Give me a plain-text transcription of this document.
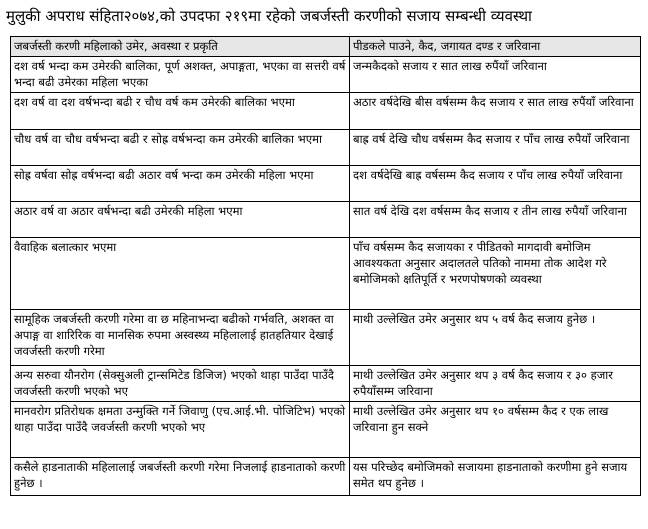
मुलुकी अपराध संहिता२०७४,को उपदफा २१९मा रहेको जबर्जस्ती करणीको सजाय सम्बन्धी व्यवस्था
जबर्जस्ती करणी महिलाको उमेर, अवस्था र प्रकृति	पीडकले पाउने, कैद, जगायत दण्ड र जरिवाना
दश वर्ष भन्दा कम उमेरकी बालिका, पूर्ण अशक्त, अपाङ्गता, भएका वा सत्तरी वर्ष भन्दा बढी उमेरका महिला भएका	जन्मकैदको सजाय र सात लाख रुपैंयाँ जरिवाना
दश वर्ष वा दश वर्षभन्दा बढी र चौध वर्ष कम उमेरकी बालिका भएमा	अठार वर्षदेखि बीस वर्षसम्म कैद सजाय र सात लाख रुपैंयाँ जरिवाना
चौध वर्ष वा चौध वर्षभन्दा बढी र सोह्र वर्षभन्दा कम उमेरकी बालिका भएमा	बाह्र वर्ष देखि चौध वर्षसम्म कैद सजाय र पाँच लाख रुपैयाँ जरिवाना
सोह्र वर्षवा सोह्र वर्षभन्दा बढी अठार वर्ष भन्दा कम उमेरकी महिला भएमा	दश वर्षदेखि बाह्र वर्षसम्म कैद सजाय र पाँच लाख रुपैयाँ जरिवाना
अठार वर्ष वा अठार वर्षभन्दा बढी उमेरकी महिला भएमा	सात वर्ष देखि दश वर्षसम्म कैद सजाय र तीन लाख रुपैयाँ जरिवाना
वैवाहिक बलात्कार भएमा	पाँच वर्षसम्म कैद सजायका र पीडितको मागदावी बमोजिम आवश्यकता अनुसार अदालतले पतिको नाममा तोक आदेश गरे बमोजिमको क्षतिपूर्ति र भरणपोषणको व्यवस्था
सामूहिक जबर्जस्ती करणी गरेमा वा छ महिनाभन्दा बढीको गर्भवति, अशक्त वा अपाङ्ग वा शारिरिक वा मानसिक रुपमा अस्वस्थ्य महिलालाई हातहतियार देखाई जवर्जस्ती करणी गरेमा	माथी उल्लेखित उमेर अनुसार थप ५ वर्ष कैद सजाय हुनेछ ।
अन्य सरुवा यौनरोग (सेक्सुअली ट्रान्समिटेड डिजिज) भएको थाहा पाउँदा पाउँदै जवर्जस्ती करणी भएको भए	माथी उल्लेखित उमेर अनुसार थप ३ वर्ष कैद सजाय र ३० हजार रुपैयाँसम्म जरिवाना
मानवरोग प्रतिरोधक क्षमता उन्मुक्ति गर्ने जिवाणु (एच.आई.भी. पोजिटिभ) भएको थाहा पाउँदा पाउँदै जवर्जस्ती करणी भएको भए	माथी उल्लेखित उमेर अनुसार थप १० वर्षसम्म कैद र एक लाख जरिवाना हुन सक्ने
कसैले हाडनाताकी महिलालाई जबर्जस्ती करणी गरेमा निजलाई हाडनाताको करणी हुनेछ ।	यस परिच्छेद बमोजिमको सजायमा हाडनाताको करणीमा हुने सजाय समेत थप हुनेछ ।
